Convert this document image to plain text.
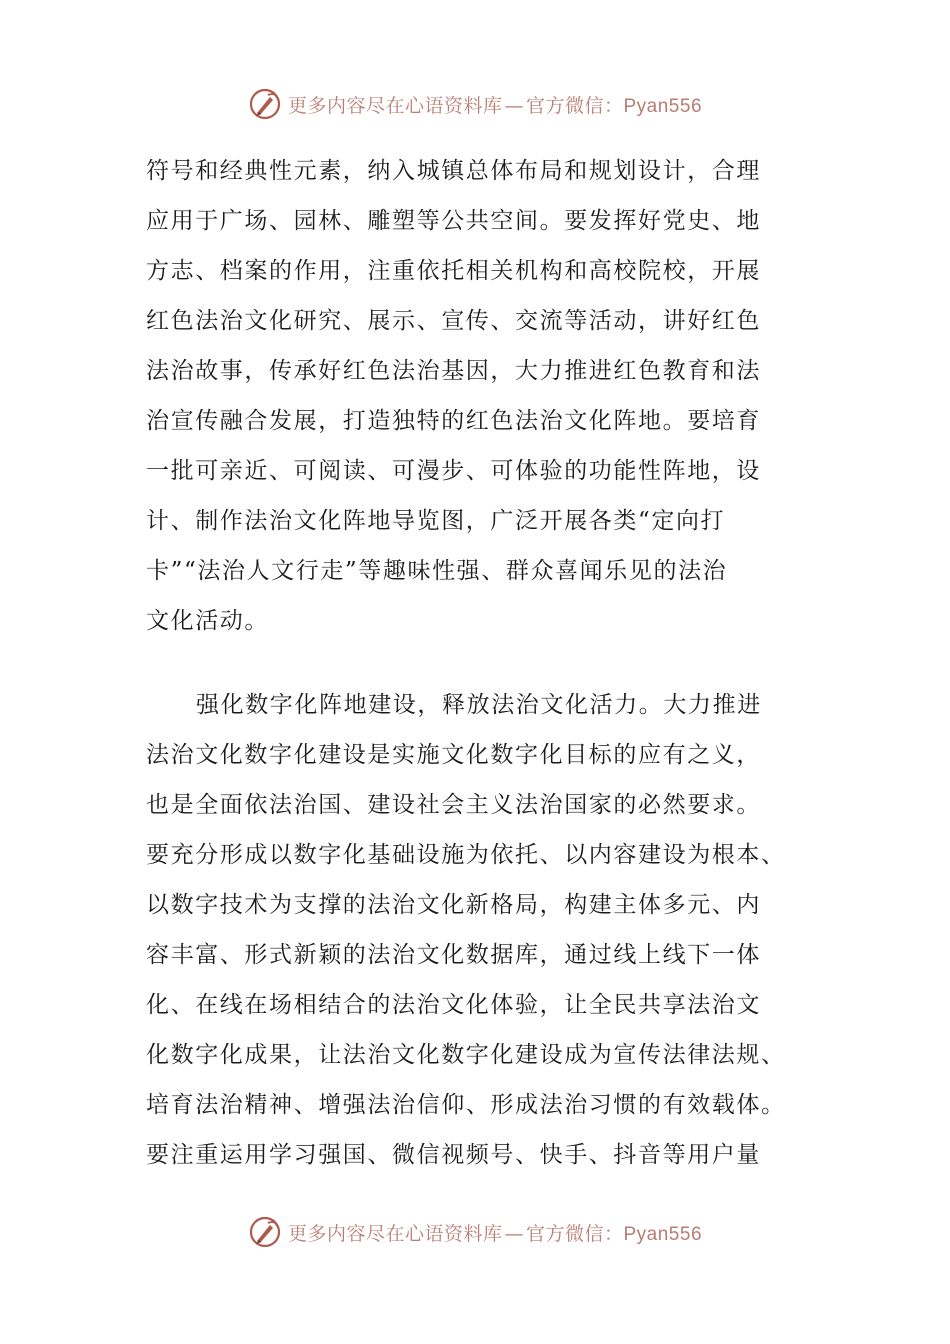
更多内容尽在心语资料库 — 官方微信：Pyan556

符号和经典性元素，纳入城镇总体布局和规划设计，合理
应用于广场、园林、雕塑等公共空间。要发挥好党史、地
方志、档案的作用，注重依托相关机构和高校院校，开展
红色法治文化研究、展示、宣传、交流等活动，讲好红色
法治故事，传承好红色法治基因，大力推进红色教育和法
治宣传融合发展，打造独特的红色法治文化阵地。要培育
一批可亲近、可阅读、可漫步、可体验的功能性阵地，设
计、制作法治文化阵地导览图，广泛开展各类“定向打
卡”“法治人文行走”等趣味性强、群众喜闻乐见的法治
文化活动。

强化数字化阵地建设，释放法治文化活力。大力推进
法治文化数字化建设是实施文化数字化目标的应有之义，
也是全面依法治国、建设社会主义法治国家的必然要求。
要充分形成以数字化基础设施为依托、以内容建设为根本、
以数字技术为支撑的法治文化新格局，构建主体多元、内
容丰富、形式新颖的法治文化数据库，通过线上线下一体
化、在线在场相结合的法治文化体验，让全民共享法治文
化数字化成果，让法治文化数字化建设成为宣传法律法规、
培育法治精神、增强法治信仰、形成法治习惯的有效载体。
要注重运用学习强国、微信视频号、快手、抖音等用户量

更多内容尽在心语资料库 — 官方微信：Pyan556
